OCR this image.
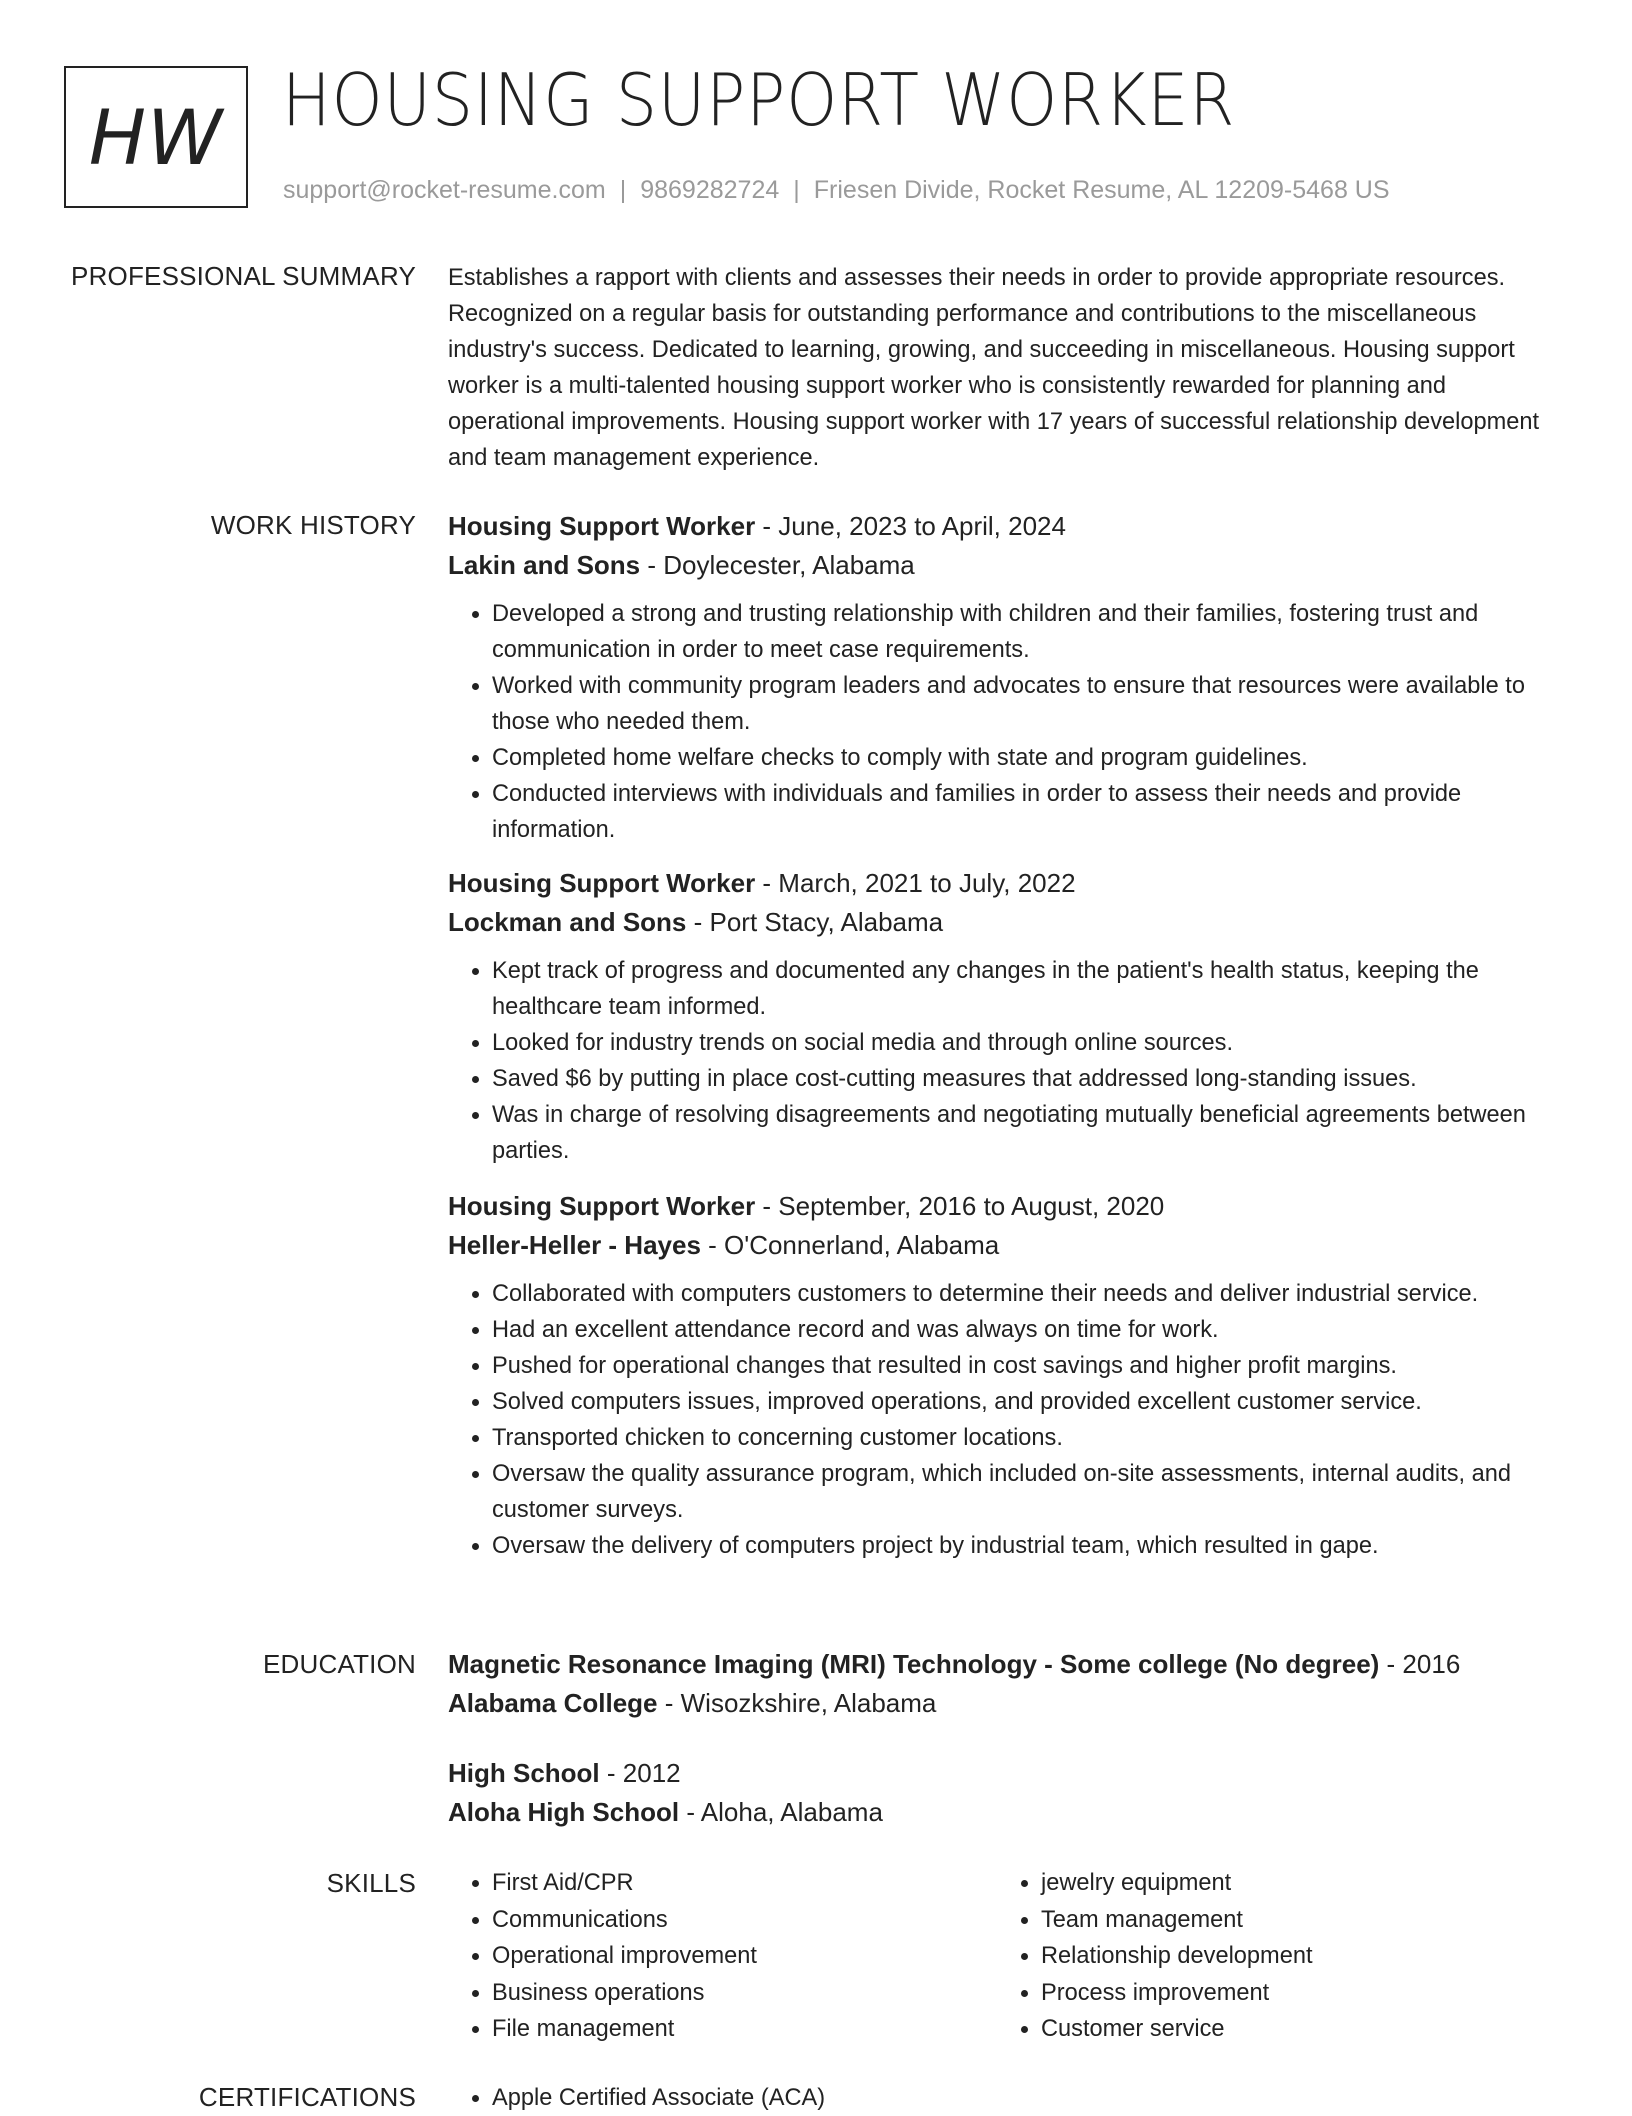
HW HOUSING SUPPORT WORKER
support@rocket-resume.com | 9869282724 | Friesen Divide, Rocket Resume, AL 12209-5468 US
PROFESSIONAL SUMMARY Establishes a rapport with clients and assesses their needs in order to provide appropriate resources. Recognized on a regular basis for outstanding performance and contributions to the miscellaneous industry's success. Dedicated to learning, growing, and succeeding in miscellaneous. Housing support worker is a multi-talented housing support worker who is consistently rewarded for planning and operational improvements. Housing support worker with 17 years of successful relationship development and team management experience.

WORK HISTORY Housing Support Worker - June, 2023 to April, 2024
Lakin and Sons - Doylecester, Alabama
• Developed a strong and trusting relationship with children and their families, fostering trust and communication in order to meet case requirements.
• Worked with community program leaders and advocates to ensure that resources were available to those who needed them.
• Completed home welfare checks to comply with state and program guidelines.
• Conducted interviews with individuals and families in order to assess their needs and provide information.
Housing Support Worker - March, 2021 to July, 2022
Lockman and Sons - Port Stacy, Alabama
• Kept track of progress and documented any changes in the patient's health status, keeping the healthcare team informed.
• Looked for industry trends on social media and through online sources.
• Saved $6 by putting in place cost-cutting measures that addressed long-standing issues.
• Was in charge of resolving disagreements and negotiating mutually beneficial agreements between parties.
Housing Support Worker - September, 2016 to August, 2020
Heller-Heller - Hayes - O'Connerland, Alabama
• Collaborated with computers customers to determine their needs and deliver industrial service.
• Had an excellent attendance record and was always on time for work.
• Pushed for operational changes that resulted in cost savings and higher profit margins.
• Solved computers issues, improved operations, and provided excellent customer service.
• Transported chicken to concerning customer locations.
• Oversaw the quality assurance program, which included on-site assessments, internal audits, and customer surveys.
• Oversaw the delivery of computers project by industrial team, which resulted in gape.
EDUCATION Magnetic Resonance Imaging (MRI) Technology - Some college (No degree) - 2016
Alabama College - Wisozkshire, Alabama
High School - 2012
Aloha High School - Aloha, Alabama
SKILLS	• First Aid/CPR
• Communications
• Operational improvement
• Business operations
• File management
• jewelry equipment
• Team management
• Relationship development
• Process improvement
• Customer service
CERTIFICATIONS	• Apple Certified Associate (ACA)
